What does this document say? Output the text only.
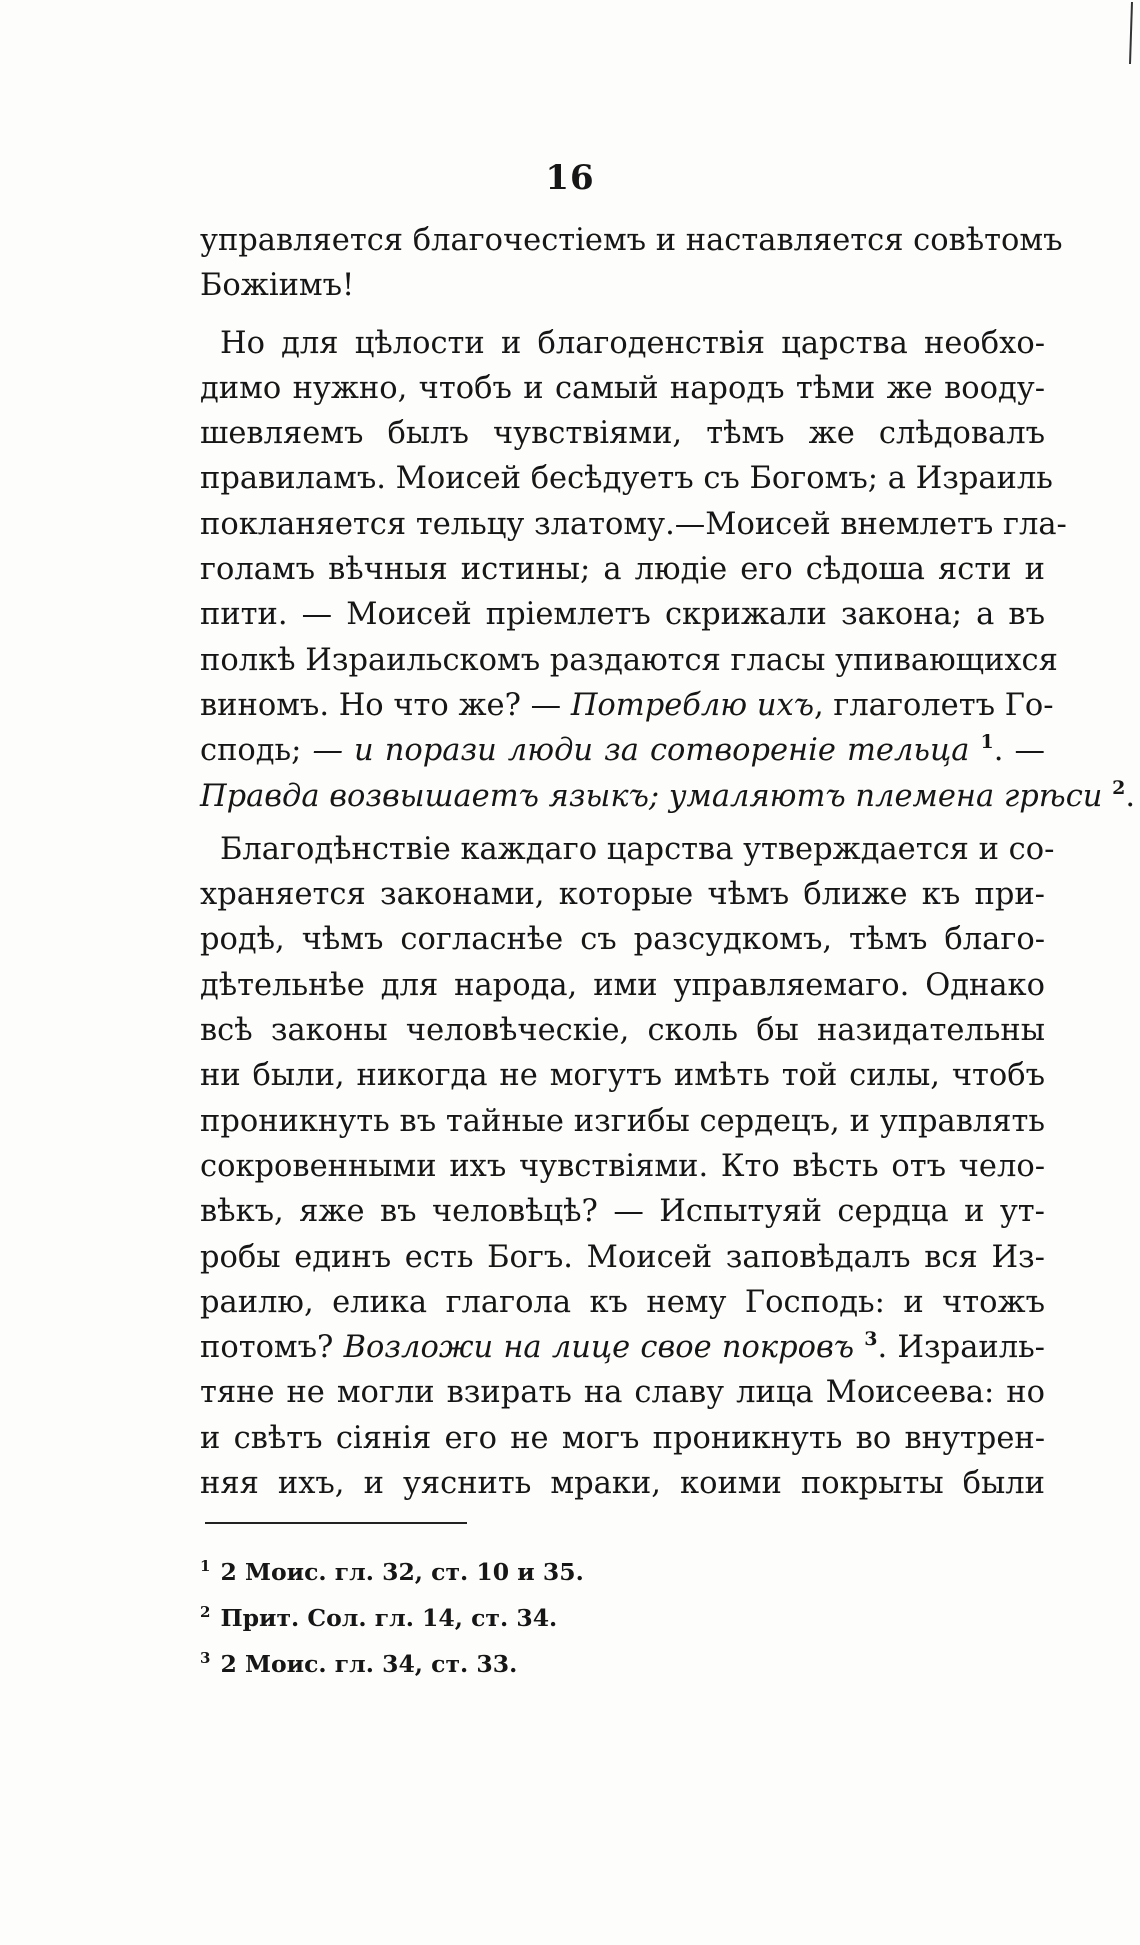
16
управляется благочестіемъ и наставляется совѣтомъ
Божіимъ!
Но для цѣлости и благоденствія царства необхо-
димо нужно, чтобъ и самый народъ тѣми же вооду-
шевляемъ былъ чувствіями, тѣмъ же слѣдовалъ
правиламъ. Моисей бесѣдуетъ съ Богомъ; а Израиль
покланяется тельцу златому.—Моисей внемлетъ гла-
голамъ вѣчныя истины; а людіе его сѣдоша ясти и
пити. — Моисей пріемлетъ скрижали закона; а въ
полкѣ Израильскомъ раздаются гласы упивающихся
виномъ. Но что же? — Потреблю ихъ, глаголетъ Го-
сподь; — и порази люди за сотвореніе тельца $^1$. —
Правда возвышаетъ языкъ; умаляютъ племена грѣси $^2$.
Благодѣнствіе каждаго царства утверждается и со-
храняется законами, которые чѣмъ ближе къ при-
родѣ, чѣмъ согласнѣе съ разсудкомъ, тѣмъ благо-
дѣтельнѣе для народа, ими управляемаго. Однако
всѣ законы человѣческіе, сколь бы назидательны
ни были, никогда не могутъ имѣть той силы, чтобъ
проникнуть въ тайные изгибы сердецъ, и управлять
сокровенными ихъ чувствіями. Кто вѣсть отъ чело-
вѣкъ, яже въ человѣцѣ? — Испытуяй сердца и ут-
робы единъ есть Богъ. Моисей заповѣдалъ вся Из-
раилю, елика глагола къ нему Господь: и чтожъ
потомъ? Возложи на лице свое покровъ $^3$. Израиль-
тяне не могли взирать на славу лица Моисеева: но
и свѣтъ сіянія его не могъ проникнуть во внутрен-
няя ихъ, и уяснить мраки, коими покрыты были
$^1$ 2 Моис. гл. 32, ст. 10 и 35.
$^2$ Прит. Сол. гл. 14, ст. 34.
$^3$ 2 Моис. гл. 34, ст. 33.
